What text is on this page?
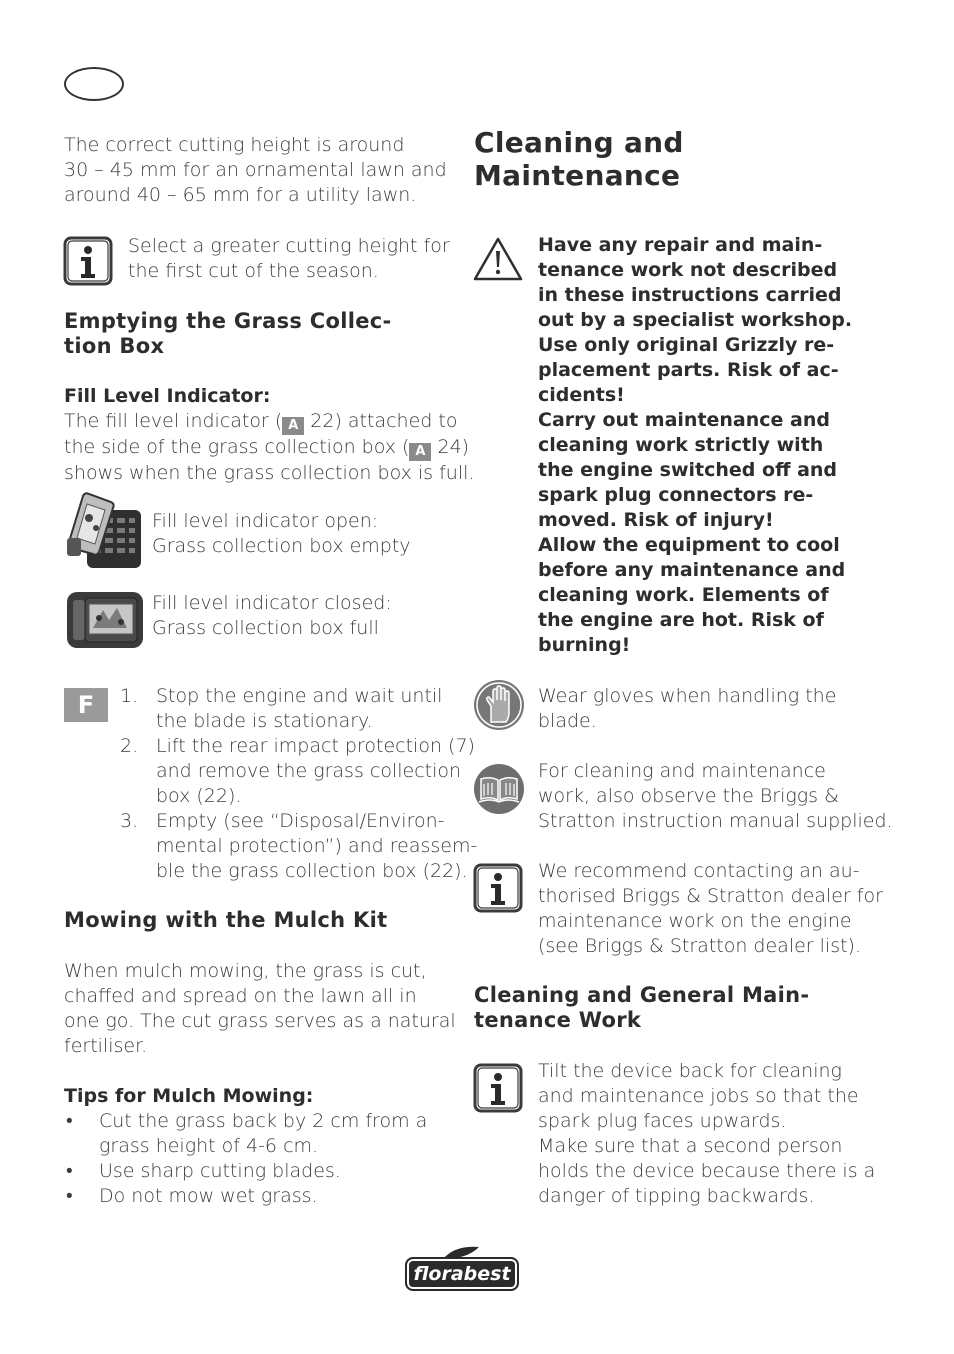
The correct cutting height is around
30 – 45 mm for an ornamental lawn and
around 40 – 65 mm for a utility lawn.
Select a greater cutting height for
the first cut of the season.
Emptying the Grass Collec-
tion Box
Fill Level Indicator:
The fill level indicator ( A 22) attached to
the side of the grass collection box ( A 24)
shows when the grass collection box is full.
Fill level indicator open:
Grass collection box empty
Fill level indicator closed:
Grass collection box full
F	1. Stop the engine and wait until
the blade is stationary.
2. Lift the rear impact protection (7)
and remove the grass collection
box (22).
3. Empty (see “Disposal/Environ-
mental protection”) and reassem-
ble the grass collection box (22).
Mowing with the Mulch Kit
When mulch mowing, the grass is cut,
chaffed and spread on the lawn all in
one go. The cut grass serves as a natural
fertiliser.
Tips for Mulch Mowing:
• Cut the grass back by 2 cm from a
grass height of 4-6 cm.
• Use sharp cutting blades.
• Do not mow wet grass.
Cleaning and
Maintenance
Have any repair and main-
tenance work not described
in these instructions carried
out by a specialist workshop.
Use only original Grizzly re-
placement parts. Risk of ac-
cidents!
Carry out maintenance and
cleaning work strictly with
the engine switched off and
spark plug connectors re-
moved. Risk of injury!
Allow the equipment to cool
before any maintenance and
cleaning work. Elements of
the engine are hot. Risk of
burning!
Wear gloves when handling the
blade.
For cleaning and maintenance
work, also observe the Briggs &
Stratton instruction manual supplied.
We recommend contacting an au-
thorised Briggs & Stratton dealer for
maintenance work on the engine
(see Briggs & Stratton dealer list).
Cleaning and General Main-
tenance Work
Tilt the device back for cleaning
and maintenance jobs so that the
spark plug faces upwards.
Make sure that a second person
holds the device because there is a
danger of tipping backwards.
florabest
